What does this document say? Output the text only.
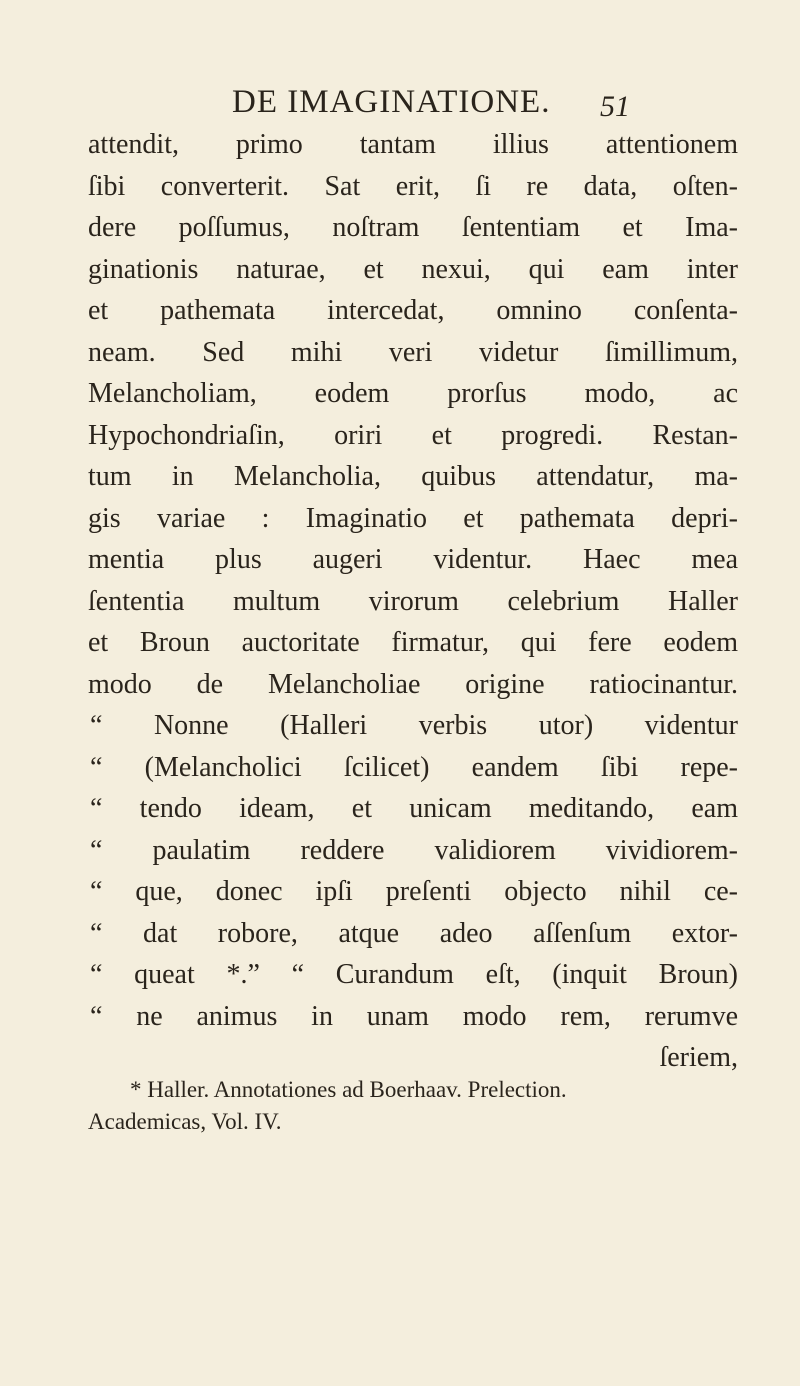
DE IMAGINATIONE. 51
attendit, primo tantam illius attentionem
ſibi converterit. Sat erit, ſi re data, oſten-
dere poſſumus, noſtram ſententiam et Ima-
ginationis naturae, et nexui, qui eam inter
et pathemata intercedat, omnino conſenta-
neam. Sed mihi veri videtur ſimillimum,
Melancholiam, eodem prorſus modo, ac
Hypochondriaſin, oriri et progredi. Restan-
tum in Melancholia, quibus attendatur, ma-
gis variae : Imaginatio et pathemata depri-
mentia plus augeri videntur. Haec mea
ſententia multum virorum celebrium Haller
et Broun auctoritate firmatur, qui fere eodem
modo de Melancholiae origine ratiocinantur.
“ Nonne (Halleri verbis utor) videntur
“ (Melancholici ſcilicet) eandem ſibi repe-
“ tendo ideam, et unicam meditando, eam
“ paulatim reddere validiorem vividiorem-
“ que, donec ipſi preſenti objecto nihil ce-
“ dat robore, atque adeo aſſenſum extor-
“ queat *.” “ Curandum eſt, (inquit Broun)
“ ne animus in unam modo rem, rerumve
ſeriem,
* Haller. Annotationes ad Boerhaav. Prelection.
Academicas, Vol. IV.
